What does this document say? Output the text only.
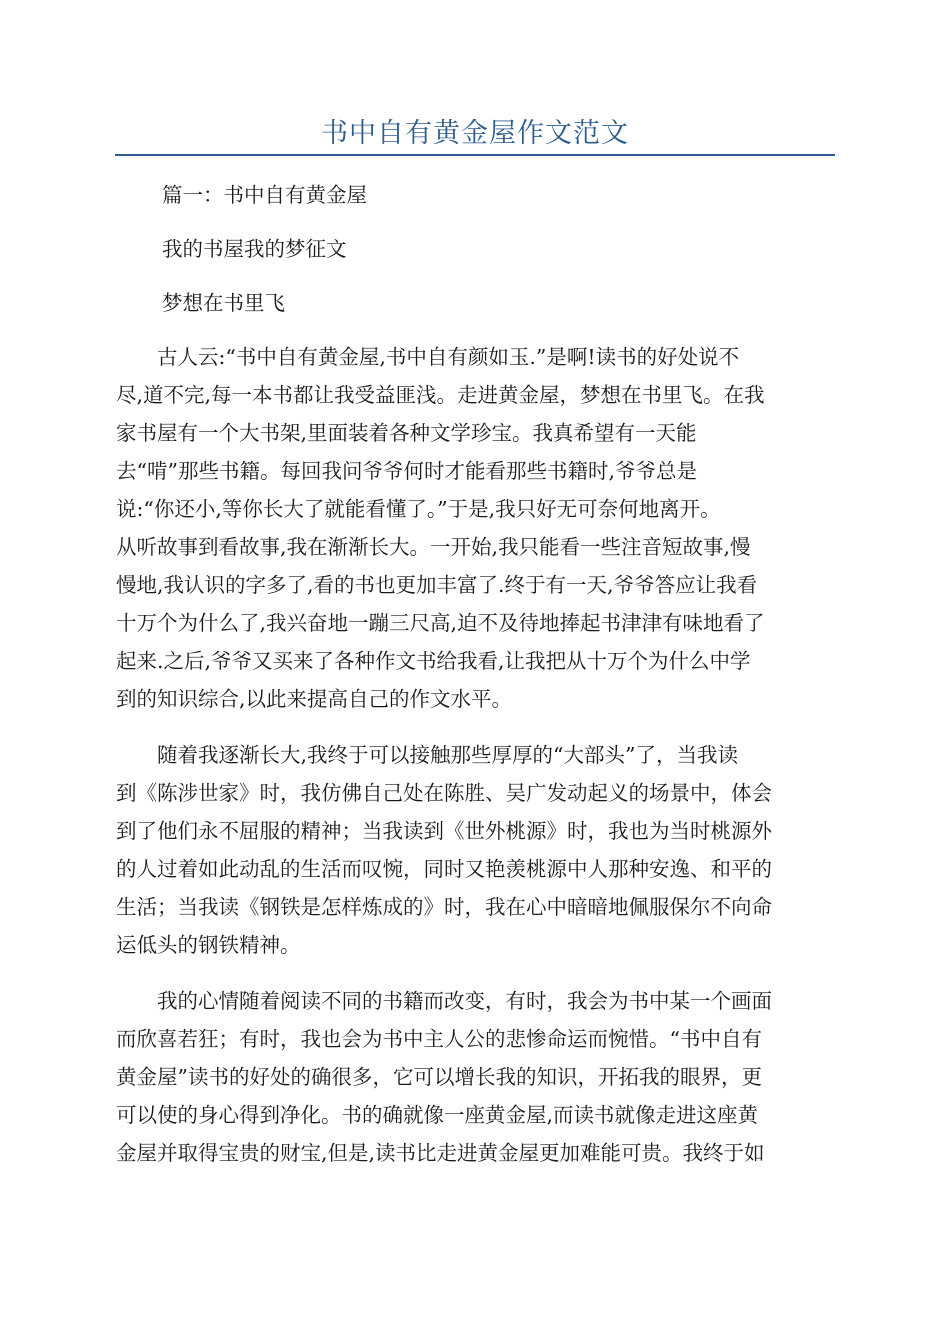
书中自有黄金屋作文范文

篇一：书中自有黄金屋

我的书屋我的梦征文

梦想在书里飞

　　古人云:“书中自有黄金屋,书中自有颜如玉.”是啊!读书的好处说不

尽,道不完,每一本书都让我受益匪浅。走进黄金屋，梦想在书里飞。在我

家书屋有一个大书架,里面装着各种文学珍宝。我真希望有一天能

去“啃”那些书籍。每回我问爷爷何时才能看那些书籍时,爷爷总是

说:“你还小,等你长大了就能看懂了。”于是,我只好无可奈何地离开。

从听故事到看故事,我在渐渐长大。一开始,我只能看一些注音短故事,慢

慢地,我认识的字多了,看的书也更加丰富了.终于有一天,爷爷答应让我看

十万个为什么了,我兴奋地一蹦三尺高,迫不及待地捧起书津津有味地看了

起来.之后,爷爷又买来了各种作文书给我看,让我把从十万个为什么中学

到的知识综合,以此来提高自己的作文水平。

　　随着我逐渐长大,我终于可以接触那些厚厚的“大部头”了，当我读

到《陈涉世家》时，我仿佛自己处在陈胜、吴广发动起义的场景中，体会

到了他们永不屈服的精神；当我读到《世外桃源》时，我也为当时桃源外

的人过着如此动乱的生活而叹惋，同时又艳羡桃源中人那种安逸、和平的

生活；当我读《钢铁是怎样炼成的》时，我在心中暗暗地佩服保尔不向命

运低头的钢铁精神。

　　我的心情随着阅读不同的书籍而改变，有时，我会为书中某一个画面

而欣喜若狂；有时，我也会为书中主人公的悲惨命运而惋惜。“书中自有

黄金屋”读书的好处的确很多，它可以增长我的知识，开拓我的眼界，更

可以使的身心得到净化。书的确就像一座黄金屋,而读书就像走进这座黄

金屋并取得宝贵的财宝,但是,读书比走进黄金屋更加难能可贵。我终于如
